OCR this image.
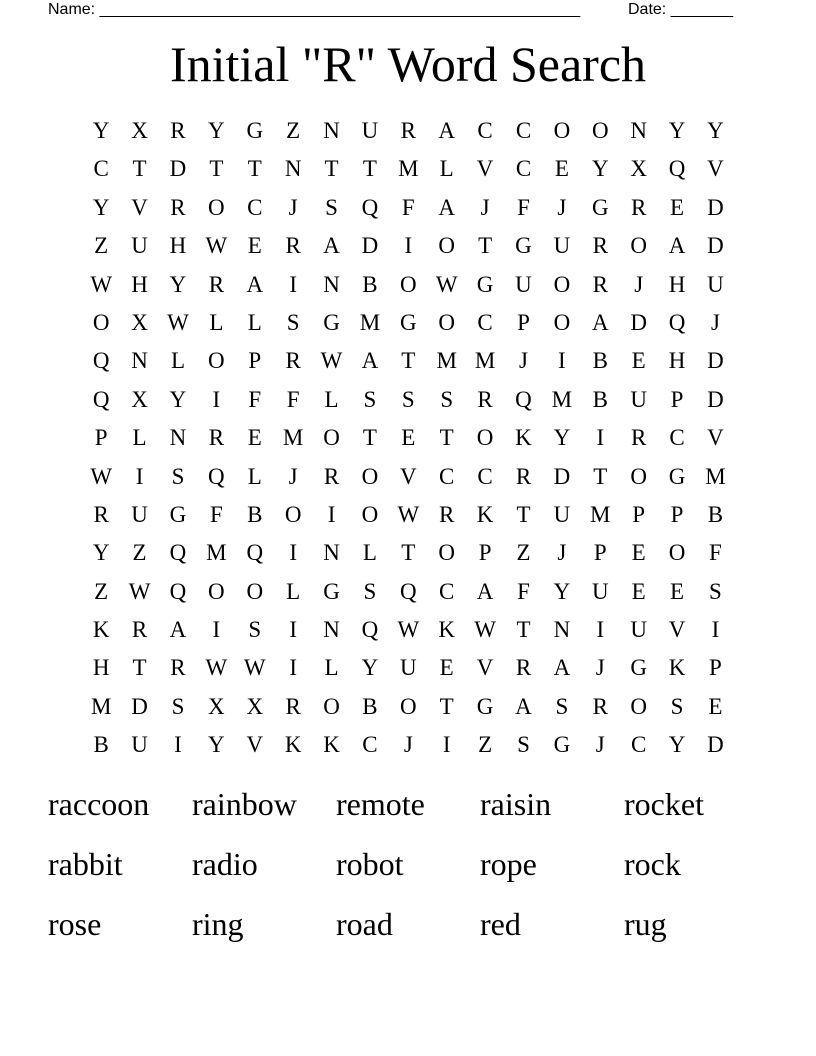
Name: ______________________________________________________	Date: _______
Initial "R" Word Search
Y X R Y G	Z	N U R A C	C O O N Y Y
C	T	D	T	T	N	T	T M L	V C	E	Y X Q V
Y V R O C	J	S	Q	F	A	J	F	J	G R	E	D
Z	U H W E	R A D	I	O	T	G U R O A D
W H Y R A	I	N B O W G U O R	J	H U
O X W L	L	S	G M G O C	P	O A D Q	J
Q N	L	O	P	R W A	T M M	J	I	B	E	H D
Q X Y	I	F	F	L	S	S	S	R Q M B U	P	D
P	L	N R	E M O	T	E	T	O K Y	I	R	C V
W	I	S	Q	L	J	R O V C	C	R D	T	O G M
R U G	F	B O	I	O W R K	T	U M P	P	B
Y	Z	Q M Q	I	N	L	T	O	P	Z	J	P	E	O	F
Z W Q O O	L	G	S	Q C A	F	Y U	E	E	S
K R A	I	S	I	N Q W K W T	N	I	U V	I
H	T	R W W	I	L	Y U	E	V R A	J	G K	P
M D	S	X X R O B O	T	G A	S	R O	S	E
B U	I	Y V K K C	J	I	Z	S	G	J	C Y D
raccoon	rainbow	remote	raisin	rocket
rabbit	radio	robot	rope	rock
rose	ring	road	red	rug
